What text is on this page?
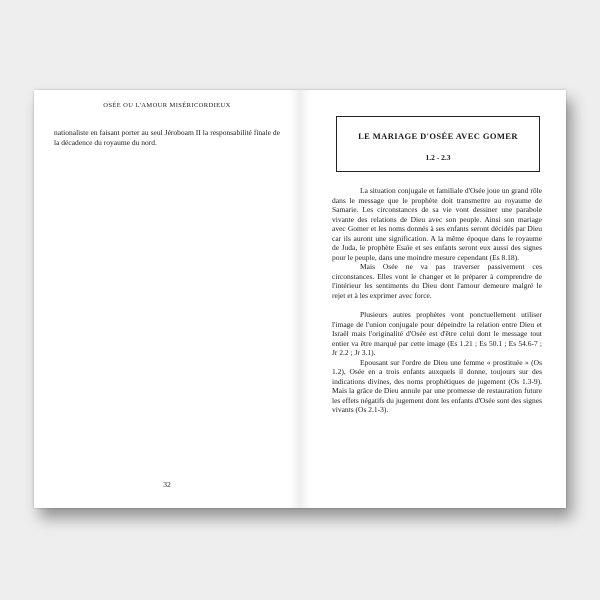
OSÉE OU L'AMOUR MISÉRICORDIEUX

nationaliste en faisant porter au seul Jéroboam II la responsabilité finale de la décadence du royaume du nord.

32
LE MARIAGE D'OSÉE AVEC GOMER
1.2 - 2.3

La situation conjugale et familiale d'Osée joue un grand rôle dans le message que le prophète doit transmettre au royaume de Samarie. Les circonstances de sa vie vont dessiner une parabole vivante des relations de Dieu avec son peuple. Ainsi son mariage avec Gomer et les noms donnés à ses enfants seront décidés par Dieu car ils auront une signification. A la même époque dans le royaume de Juda, le prophète Esaïe et ses enfants seront eux aussi des signes pour le peuple, dans une moindre mesure cependant (Es 8.18).

Mais Osée ne va pas traverser passivement ces circonstances. Elles vont le changer et le préparer à comprendre de l'intérieur les sentiments du Dieu dont l'amour demeure malgré le rejet et à les exprimer avec force.

Plusieurs autres prophètes vont ponctuellement utiliser l'image de l'union conjugale pour dépeindre la relation entre Dieu et Israël mais l'originalité d'Osée est d'être celui dont le message tout entier va être marqué par cette image (Es 1.21 ; Es 50.1 ; Es 54.6-7 ; Jr 2.2 ; Jr 3.1).

Epousant sur l'ordre de Dieu une femme « prostituée » (Os 1.2), Osée en a trois enfants auxquels il donne, toujours sur des indications divines, des noms prophétiques de jugement (Os 1.3-9). Mais la grâce de Dieu annule par une promesse de restauration future les effets négatifs du jugement dont les enfants d'Osée sont des signes vivants (Os 2.1-3).
